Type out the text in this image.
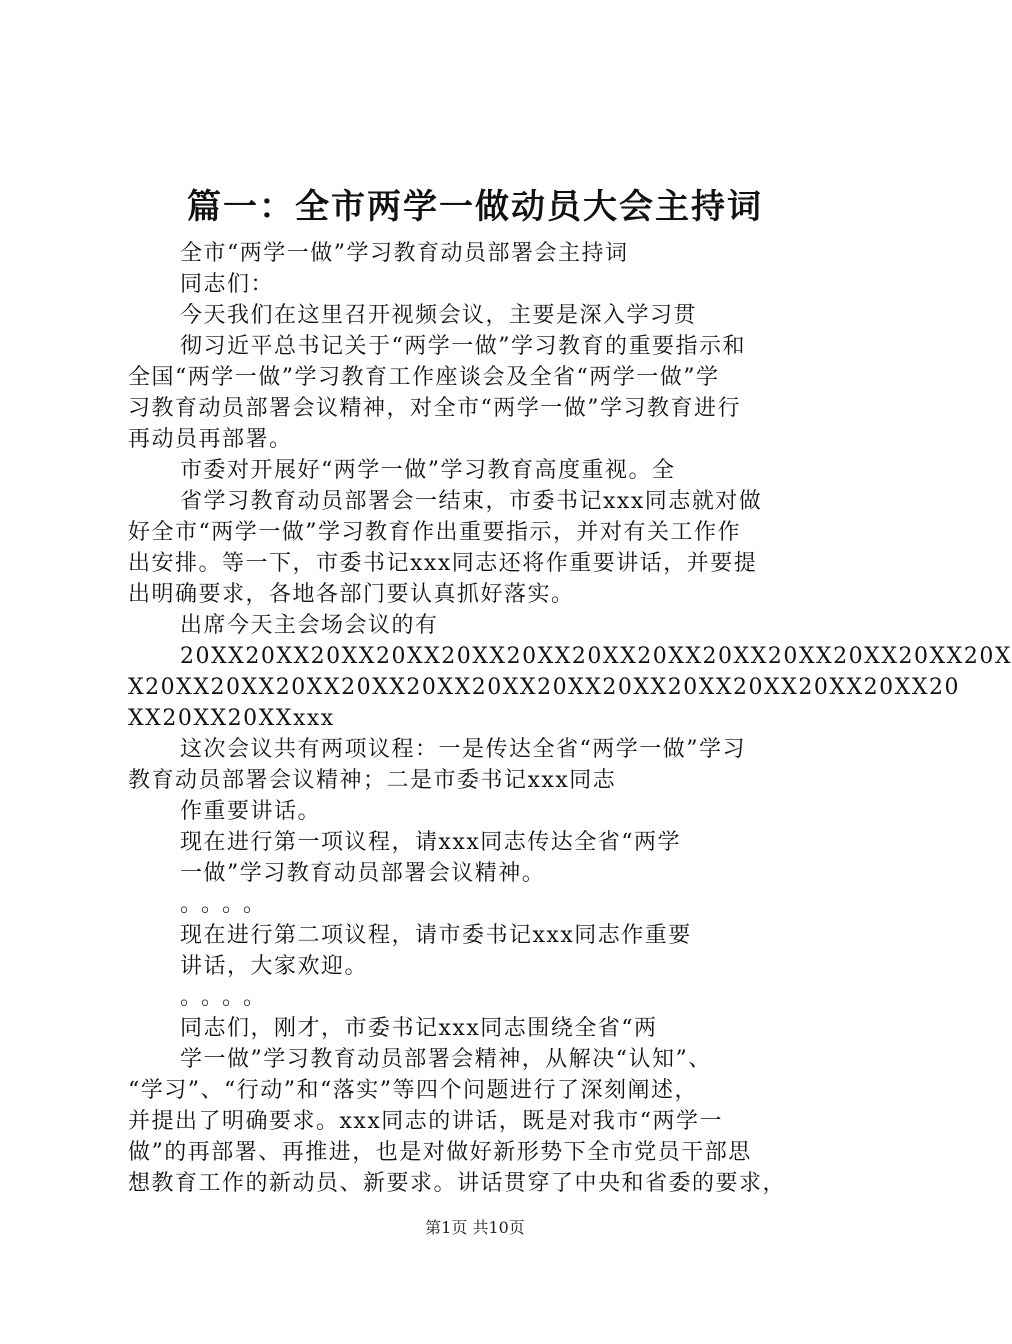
篇一：全市两学一做动员大会主持词
全市“两学一做”学习教育动员部署会主持词
同志们：
今天我们在这里召开视频会议，主要是深入学习贯
彻习近平总书记关于“两学一做”学习教育的重要指示和
全国“两学一做”学习教育工作座谈会及全省“两学一做”学
习教育动员部署会议精神，对全市“两学一做”学习教育进行
再动员再部署。
市委对开展好“两学一做”学习教育高度重视。全
省学习教育动员部署会一结束，市委书记xxx同志就对做
好全市“两学一做”学习教育作出重要指示，并对有关工作作
出安排。等一下，市委书记xxx同志还将作重要讲话，并要提
出明确要求，各地各部门要认真抓好落实。
出席今天主会场会议的有
20XX20XX20XX20XX20XX20XX20XX20XX20XX20XX20XX20XX20X
X20XX20XX20XX20XX20XX20XX20XX20XX20XX20XX20XX20XX20
XX20XX20XXxxx
这次会议共有两项议程：一是传达全省“两学一做”学习
教育动员部署会议精神；二是市委书记xxx同志
作重要讲话。
现在进行第一项议程，请xxx同志传达全省“两学
一做”学习教育动员部署会议精神。
。。。。
现在进行第二项议程，请市委书记xxx同志作重要
讲话，大家欢迎。
。。。。
同志们，刚才，市委书记xxx同志围绕全省“两
学一做”学习教育动员部署会精神，从解决“认知”、
“学习”、“行动”和“落实”等四个问题进行了深刻阐述，
并提出了明确要求。xxx同志的讲话，既是对我市“两学一
做”的再部署、再推进，也是对做好新形势下全市党员干部思
想教育工作的新动员、新要求。讲话贯穿了中央和省委的要求，
第1页 共10页
